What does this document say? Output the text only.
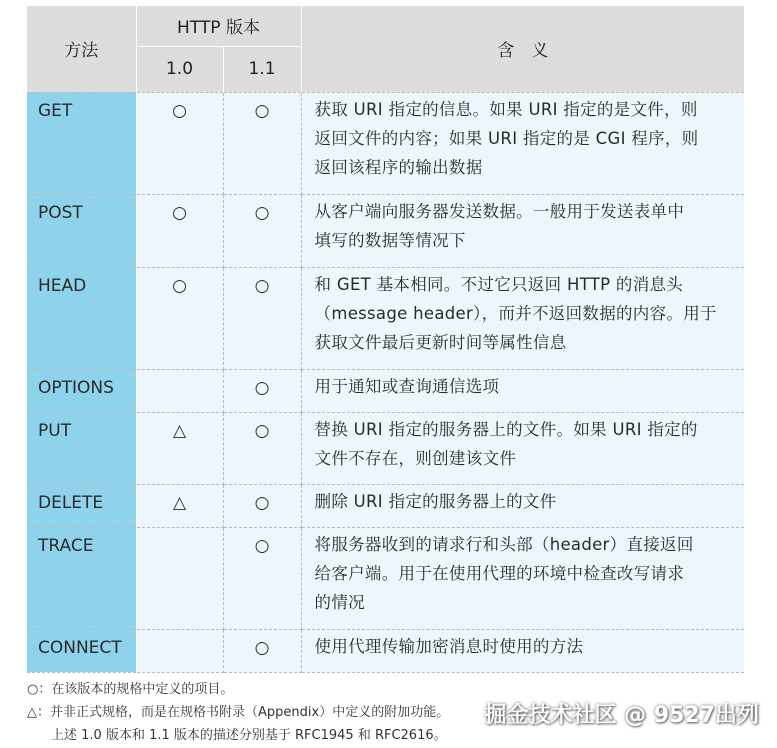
方法	HTTP 版本		含　义
	1.0	1.1	
GET	○	○	获取 URI 指定的信息。如果 URI 指定的是文件，则
返回文件的内容；如果 URI 指定的是 CGI 程序，则
返回该程序的输出数据

POST	○	○	从客户端向服务器发送数据。一般用于发送表单中
填写的数据等情况下

HEAD	○	○	和 GET 基本相同。不过它只返回 HTTP 的消息头
（message header），而并不返回数据的内容。用于
获取文件最后更新时间等属性信息

OPTIONS		○	用于通知或查询通信选项

PUT	△	○	替换 URI 指定的服务器上的文件。如果 URI 指定的
文件不存在，则创建该文件

DELETE	△	○	删除 URI 指定的服务器上的文件

TRACE		○	将服务器收到的请求行和头部（header）直接返回
给客户端。用于在使用代理的环境中检查改写请求
的情况

CONNECT		○	使用代理传输加密消息时使用的方法
○：在该版本的规格中定义的项目。
△：并非正式规格，而是在规格书附录（Appendix）中定义的附加功能。
上述 1.0 版本和 1.1 版本的描述分别基于 RFC1945 和 RFC2616。
掘金技术社区 @ 9527出列
